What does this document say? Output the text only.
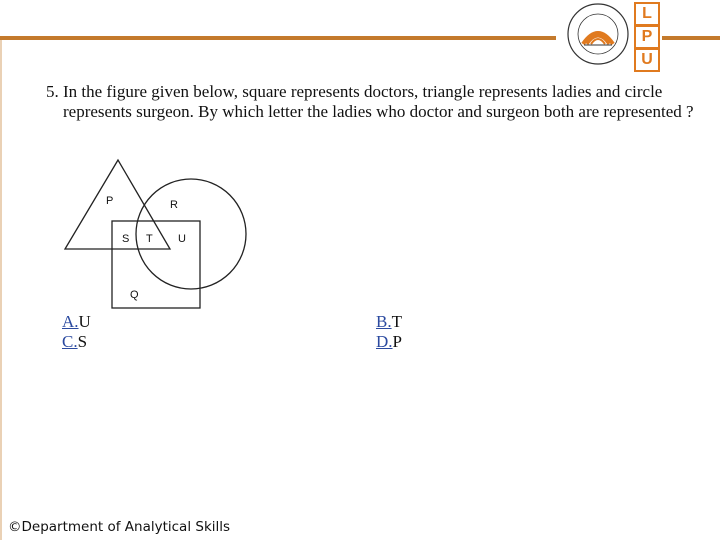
L
P
U
5. In the figure given below, square represents doctors, triangle represents ladies and circle represents surgeon. By which letter the ladies who doctor and surgeon both are represented ?
P	R
S T U
Q
A.U
C.S
B.T
D.P
©Department of Analytical Skills
